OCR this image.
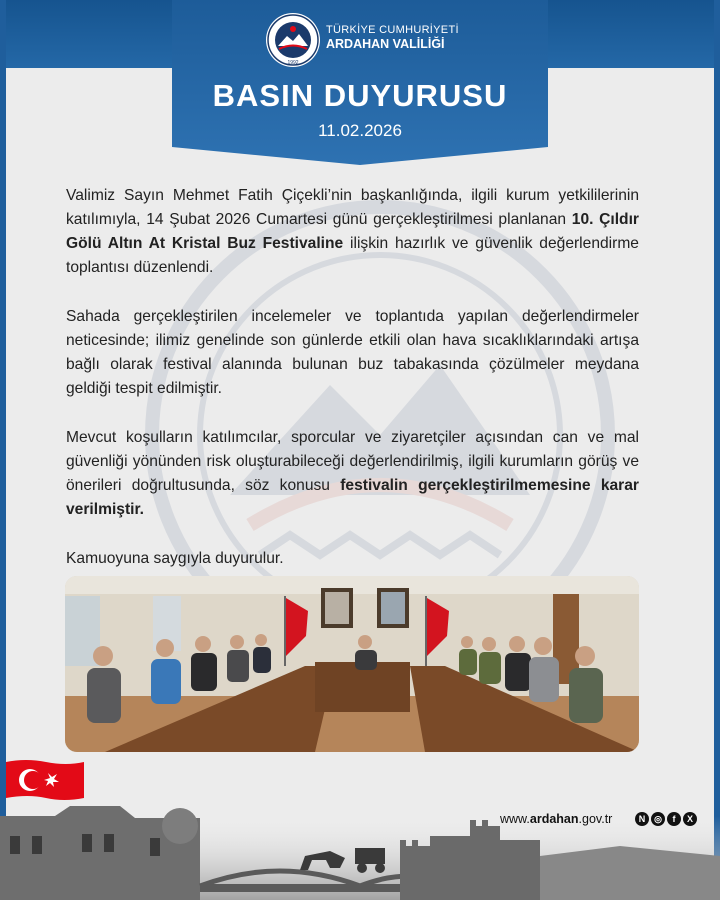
1992
TÜRKİYE CUMHURİYETİ
ARDAHAN VALİLİĞİ
BASIN DUYURUSU
11.02.2026

Valimiz Sayın Mehmet Fatih Çiçekli’nin başkanlığında, ilgili kurum yetkililerinin katılımıyla, 14 Şubat 2026 Cumartesi günü gerçekleştirilmesi planlanan 10. Çıldır Gölü Altın At Kristal Buz Festivaline ilişkin hazırlık ve güvenlik değerlendirme toplantısı düzenlendi.

Sahada gerçekleştirilen incelemeler ve toplantıda yapılan değerlendirmeler neticesinde; ilimiz genelinde son günlerde etkili olan hava sıcaklıklarındaki artışa bağlı olarak festival alanında bulunan buz tabakasında çözülmeler meydana geldiği tespit edilmiştir.

Mevcut koşulların katılımcılar, sporcular ve ziyaretçiler açısından can ve mal güvenliği yönünden risk oluşturabileceği değerlendirilmiş, ilgili kurumların görüş ve önerileri doğrultusunda, söz konusu festivalin gerçekleştirilmemesine karar verilmiştir.

Kamuoyuna saygıyla duyurulur.

www.ardahan.gov.tr	N ◎	f	X
